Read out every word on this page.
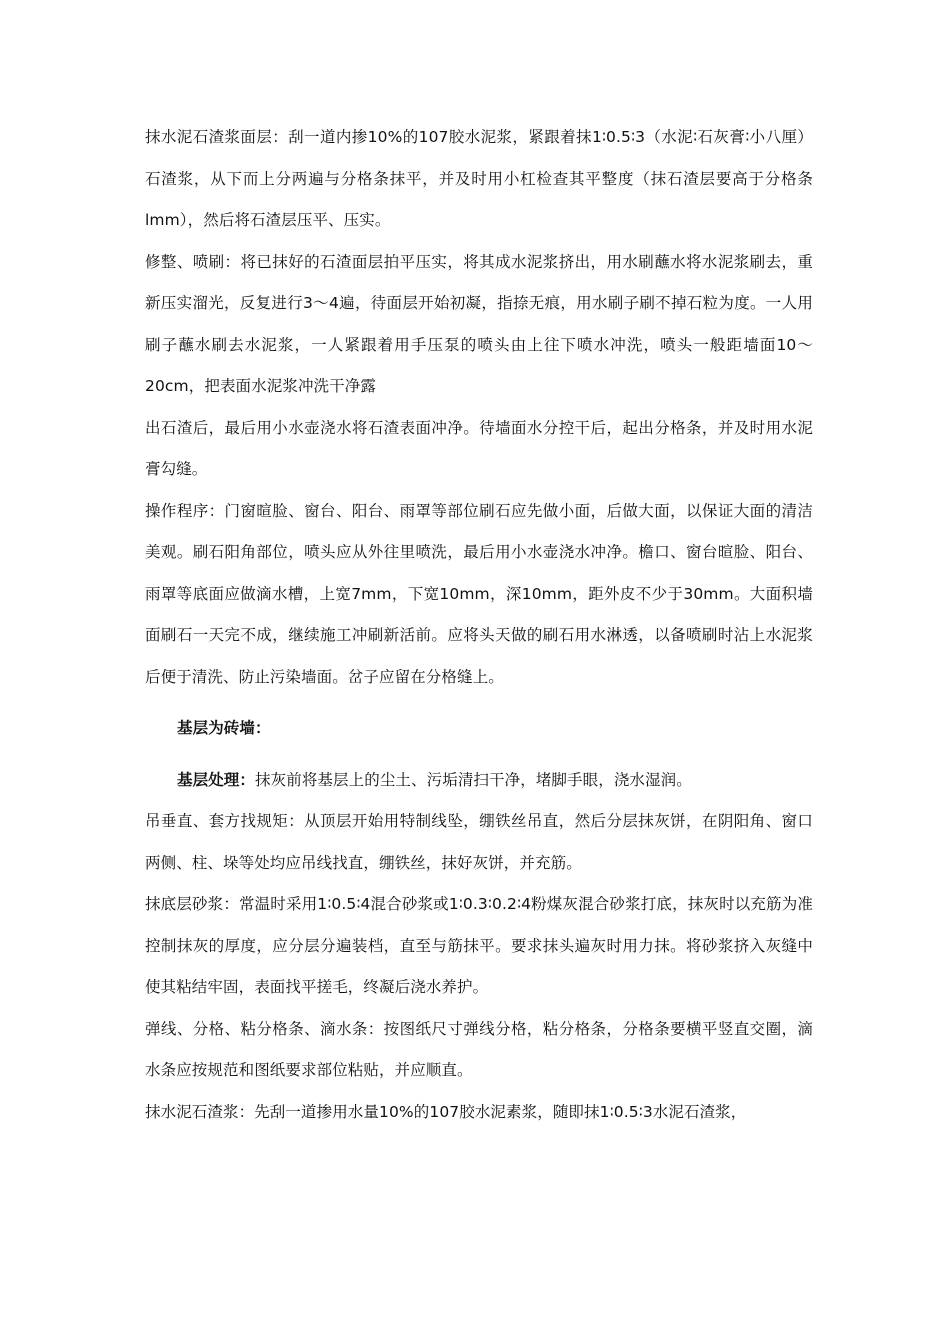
抹水泥石渣浆面层：刮一道内掺10%的107胶水泥浆，紧跟着抹1∶0.5∶3（水泥∶石灰膏∶小八厘）石渣浆，从下而上分两遍与分格条抹平，并及时用小杠检查其平整度（抹石渣层要高于分格条lmm），然后将石渣层压平、压实。

修整、喷刷：将已抹好的石渣面层拍平压实，将其成水泥浆挤出，用水刷蘸水将水泥浆刷去，重新压实溜光，反复进行3～4遍，待面层开始初凝，指捺无痕，用水刷子刷不掉石粒为度。一人用刷子蘸水刷去水泥浆，一人紧跟着用手压泵的喷头由上往下喷水冲洗，喷头一般距墙面10～20cm，把表面水泥浆冲洗干净露

出石渣后，最后用小水壶浇水将石渣表面冲净。待墙面水分控干后，起出分格条，并及时用水泥膏勾缝。

操作程序：门窗暄脸、窗台、阳台、雨罩等部位刷石应先做小面，后做大面，以保证大面的清洁美观。刷石阳角部位，喷头应从外往里喷洗，最后用小水壶浇水冲净。檐口、窗台暄脸、阳台、雨罩等底面应做滴水槽，上宽7mm，下宽10mm，深10mm，距外皮不少于30mm。大面积墙面刷石一天完不成，继续施工冲刷新活前。应将头天做的刷石用水淋透，以备喷刷时沾上水泥浆后便于清洗、防止污染墙面。岔子应留在分格缝上。

基层为砖墙：

基层处理：抹灰前将基层上的尘土、污垢清扫干净，堵脚手眼，浇水湿润。

吊垂直、套方找规矩：从顶层开始用特制线坠，绷铁丝吊直，然后分层抹灰饼，在阴阳角、窗口两侧、柱、垛等处均应吊线找直，绷铁丝，抹好灰饼，并充筋。

抹底层砂浆：常温时采用1∶0.5∶4混合砂浆或1∶0.3∶0.2∶4粉煤灰混合砂浆打底，抹灰时以充筋为准控制抹灰的厚度，应分层分遍装档，直至与筋抹平。要求抹头遍灰时用力抹。将砂浆挤入灰缝中使其粘结牢固，表面找平搓毛，终凝后浇水养护。

弹线、分格、粘分格条、滴水条：按图纸尺寸弹线分格，粘分格条，分格条要横平竖直交圈，滴水条应按规范和图纸要求部位粘贴，并应顺直。

抹水泥石渣浆：先刮一道掺用水量10%的107胶水泥素浆，随即抹1∶0.5∶3水泥石渣浆，
